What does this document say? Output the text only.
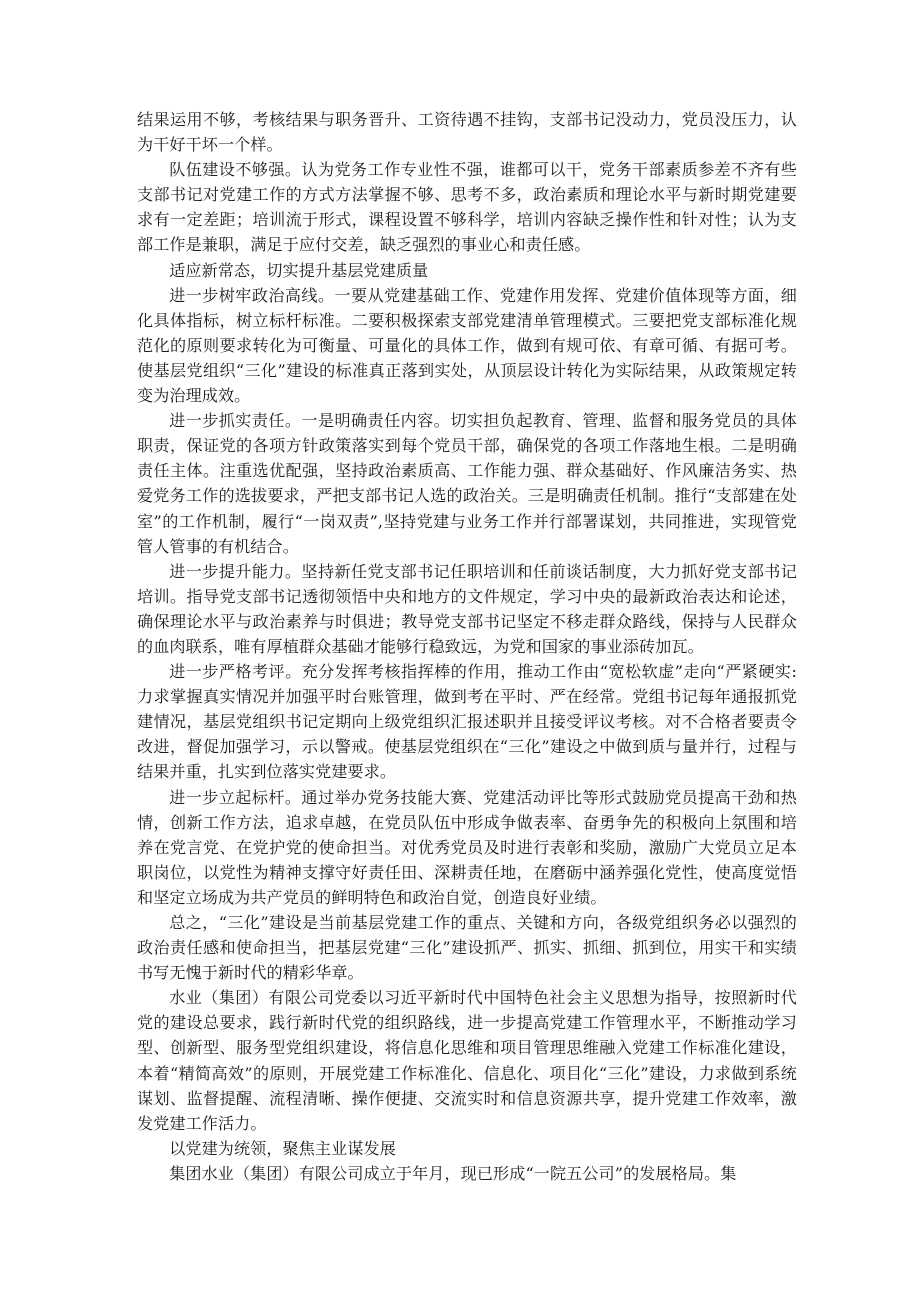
结果运用不够，考核结果与职务晋升、工资待遇不挂钩，支部书记没动力，党员没压力，认为干好干坏一个样。

队伍建设不够强。认为党务工作专业性不强，谁都可以干，党务干部素质参差不齐有些支部书记对党建工作的方式方法掌握不够、思考不多，政治素质和理论水平与新时期党建要求有一定差距；培训流于形式，课程设置不够科学，培训内容缺乏操作性和针对性；认为支部工作是兼职，满足于应付交差，缺乏强烈的事业心和责任感。

适应新常态，切实提升基层党建质量

进一步树牢政治高线。一要从党建基础工作、党建作用发挥、党建价值体现等方面，细化具体指标，树立标杆标准。二要积极探索支部党建清单管理模式。三要把党支部标准化规范化的原则要求转化为可衡量、可量化的具体工作，做到有规可依、有章可循、有据可考。使基层党组织“三化”建设的标准真正落到实处，从顶层设计转化为实际结果，从政策规定转变为治理成效。

进一步抓实责任。一是明确责任内容。切实担负起教育、管理、监督和服务党员的具体职责，保证党的各项方针政策落实到每个党员干部，确保党的各项工作落地生根。二是明确责任主体。注重选优配强，坚持政治素质高、工作能力强、群众基础好、作风廉洁务实、热爱党务工作的选拔要求，严把支部书记人选的政治关。三是明确责任机制。推行“支部建在处室”的工作机制，履行“一岗双责”,坚持党建与业务工作并行部署谋划，共同推进，实现管党管人管事的有机结合。

进一步提升能力。坚持新任党支部书记任职培训和任前谈话制度，大力抓好党支部书记培训。指导党支部书记透彻领悟中央和地方的文件规定，学习中央的最新政治表达和论述，确保理论水平与政治素养与时俱进；教导党支部书记坚定不移走群众路线，保持与人民群众的血肉联系，唯有厚植群众基础才能够行稳致远，为党和国家的事业添砖加瓦。

进一步严格考评。充分发挥考核指挥棒的作用，推动工作由“宽松软虚”走向“严紧硬实:力求掌握真实情况并加强平时台账管理，做到考在平时、严在经常。党组书记每年通报抓党建情况，基层党组织书记定期向上级党组织汇报述职并且接受评议考核。对不合格者要责令改进，督促加强学习，示以警戒。使基层党组织在“三化”建设之中做到质与量并行，过程与结果并重，扎实到位落实党建要求。

进一步立起标杆。通过举办党务技能大赛、党建活动评比等形式鼓励党员提高干劲和热情，创新工作方法，追求卓越，在党员队伍中形成争做表率、奋勇争先的积极向上氛围和培养在党言党、在党护党的使命担当。对优秀党员及时进行表彰和奖励，激励广大党员立足本职岗位，以党性为精神支撑守好责任田、深耕责任地，在磨砺中涵养强化党性，使高度觉悟和坚定立场成为共产党员的鲜明特色和政治自觉，创造良好业绩。

总之，“三化”建设是当前基层党建工作的重点、关键和方向，各级党组织务必以强烈的政治责任感和使命担当，把基层党建“三化”建设抓严、抓实、抓细、抓到位，用实干和实绩书写无愧于新时代的精彩华章。

水业（集团）有限公司党委以习近平新时代中国特色社会主义思想为指导，按照新时代党的建设总要求，践行新时代党的组织路线，进一步提高党建工作管理水平，不断推动学习型、创新型、服务型党组织建设，将信息化思维和项目管理思维融入党建工作标准化建设，本着“精简高效”的原则，开展党建工作标准化、信息化、项目化“三化”建设，力求做到系统谋划、监督提醒、流程清晰、操作便捷、交流实时和信息资源共享，提升党建工作效率，激发党建工作活力。

以党建为统领，聚焦主业谋发展

集团水业（集团）有限公司成立于年月，现已形成“一院五公司”的发展格局。集
